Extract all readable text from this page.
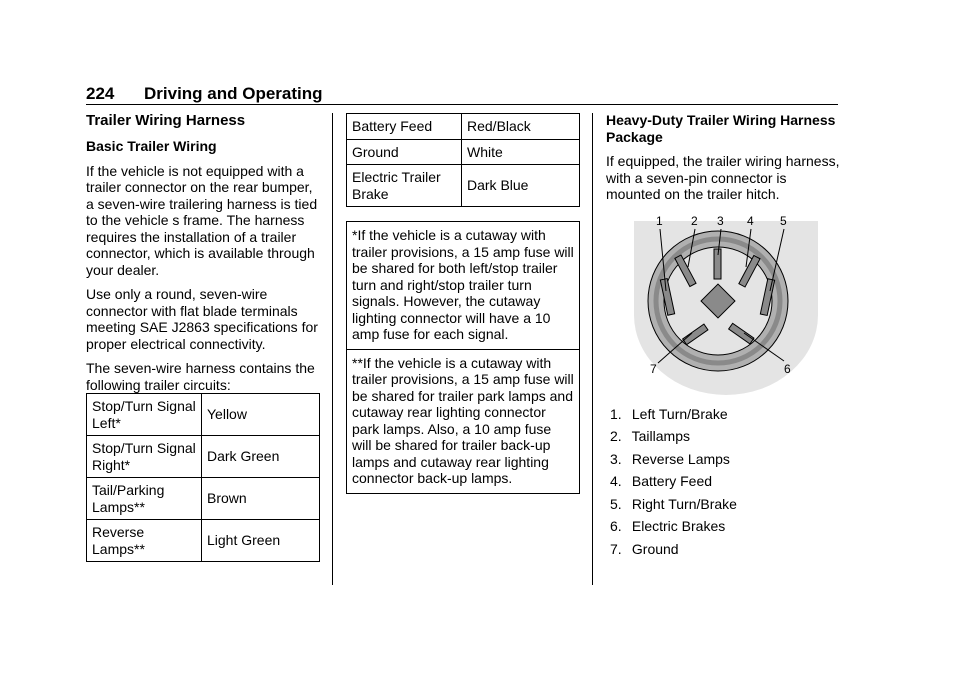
224 Driving and Operating
Trailer Wiring Harness
Basic Trailer Wiring

If the vehicle is not equipped with a trailer connector on the rear bumper, a seven-wire trailering harness is tied to the vehicle s frame. The harness requires the installation of a trailer connector, which is available through your dealer.

Use only a round, seven-wire connector with flat blade terminals meeting SAE J2863 specifications for proper electrical connectivity.

The seven-wire harness contains the following trailer circuits:

Stop/Turn Signal Left*	Yellow
Stop/Turn Signal Right*	Dark Green
Tail/Parking Lamps**	Brown
Reverse Lamps**	Light Green
Battery Feed	Red/Black
Ground	White
Electric Trailer Brake	Dark Blue
*If the vehicle is a cutaway with trailer provisions, a 15 amp fuse will be shared for both left/stop trailer turn and right/stop trailer turn signals. However, the cutaway lighting connector will have a 10 amp fuse for each signal.
**If the vehicle is a cutaway with trailer provisions, a 15 amp fuse will be shared for trailer park lamps and cutaway rear lighting connector park lamps. Also, a 10 amp fuse will be shared for trailer back-up lamps and cutaway rear lighting connector back-up lamps.
Heavy-Duty Trailer Wiring Harness Package

If equipped, the trailer wiring harness, with a seven-pin connector is mounted on the trailer hitch.

1 2 3 4 5
6
7
1. Left Turn/Brake
2. Taillamps
3. Reverse Lamps
4. Battery Feed
5. Right Turn/Brake
6. Electric Brakes
7. Ground
